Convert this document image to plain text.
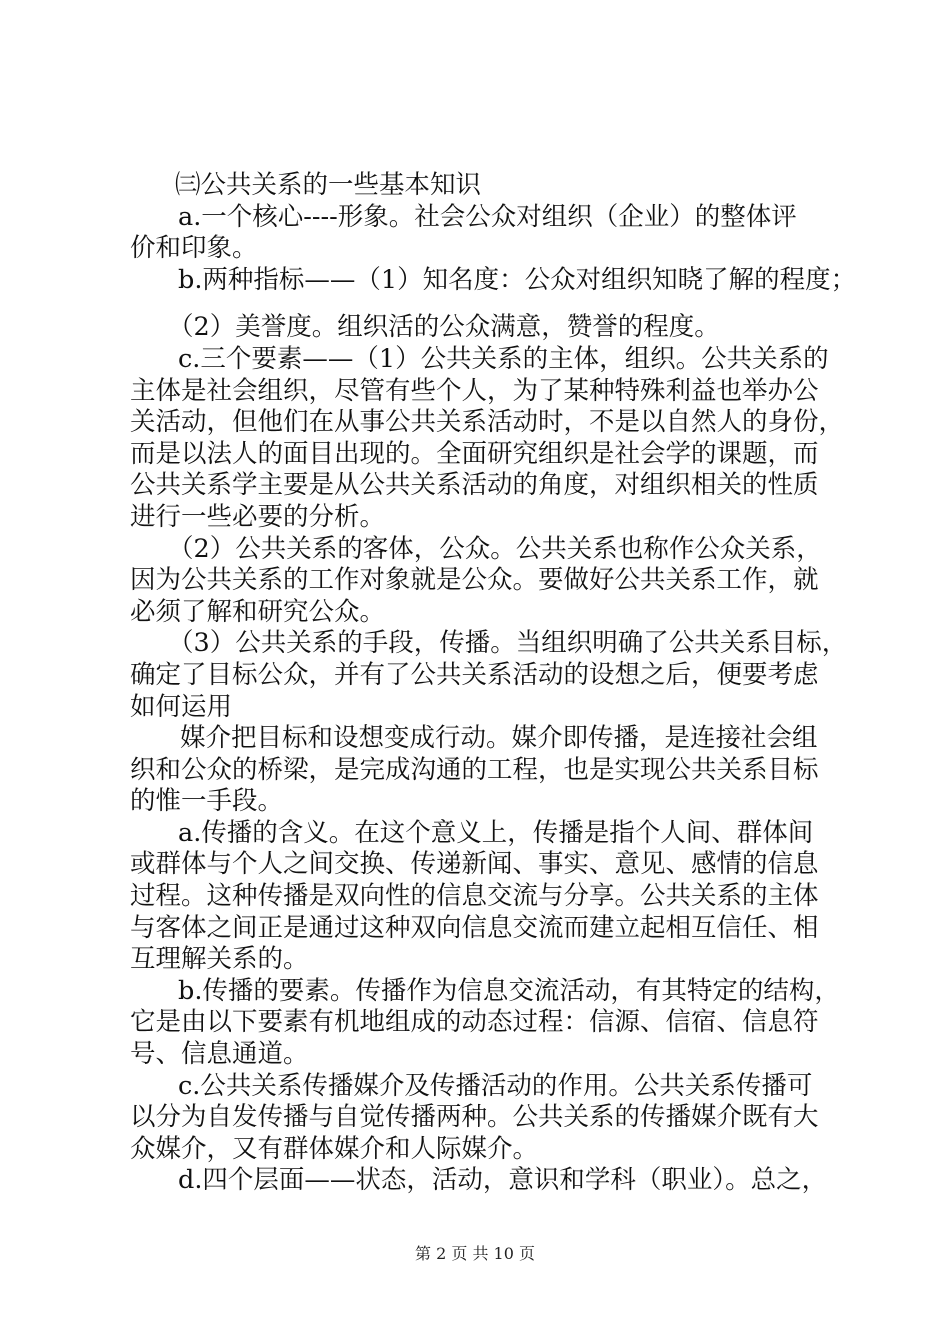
㈢公共关系的一些基本知识
a.一个核心----形象。社会公众对组织（企业）的整体评
价和印象。
b.两种指标——（1）知名度：公众对组织知晓了解的程度；
（2）美誉度。组织活的公众满意，赞誉的程度。
c.三个要素——（1）公共关系的主体，组织。公共关系的
主体是社会组织，尽管有些个人，为了某种特殊利益也举办公
关活动，但他们在从事公共关系活动时，不是以自然人的身份，
而是以法人的面目出现的。全面研究组织是社会学的课题，而
公共关系学主要是从公共关系活动的角度，对组织相关的性质
进行一些必要的分析。
（2）公共关系的客体，公众。公共关系也称作公众关系，
因为公共关系的工作对象就是公众。要做好公共关系工作，就
必须了解和研究公众。
（3）公共关系的手段，传播。当组织明确了公共关系目标，
确定了目标公众，并有了公共关系活动的设想之后，便要考虑
如何运用
媒介把目标和设想变成行动。媒介即传播，是连接社会组
织和公众的桥梁，是完成沟通的工程，也是实现公共关系目标
的惟一手段。
a.传播的含义。在这个意义上，传播是指个人间、群体间
或群体与个人之间交换、传递新闻、事实、意见、感情的信息
过程。这种传播是双向性的信息交流与分享。公共关系的主体
与客体之间正是通过这种双向信息交流而建立起相互信任、相
互理解关系的。
b.传播的要素。传播作为信息交流活动，有其特定的结构，
它是由以下要素有机地组成的动态过程：信源、信宿、信息符
号、信息通道。
c.公共关系传播媒介及传播活动的作用。公共关系传播可
以分为自发传播与自觉传播两种。公共关系的传播媒介既有大
众媒介，又有群体媒介和人际媒介。
d.四个层面——状态，活动，意识和学科（职业）。总之，
第 2 页 共 10 页
